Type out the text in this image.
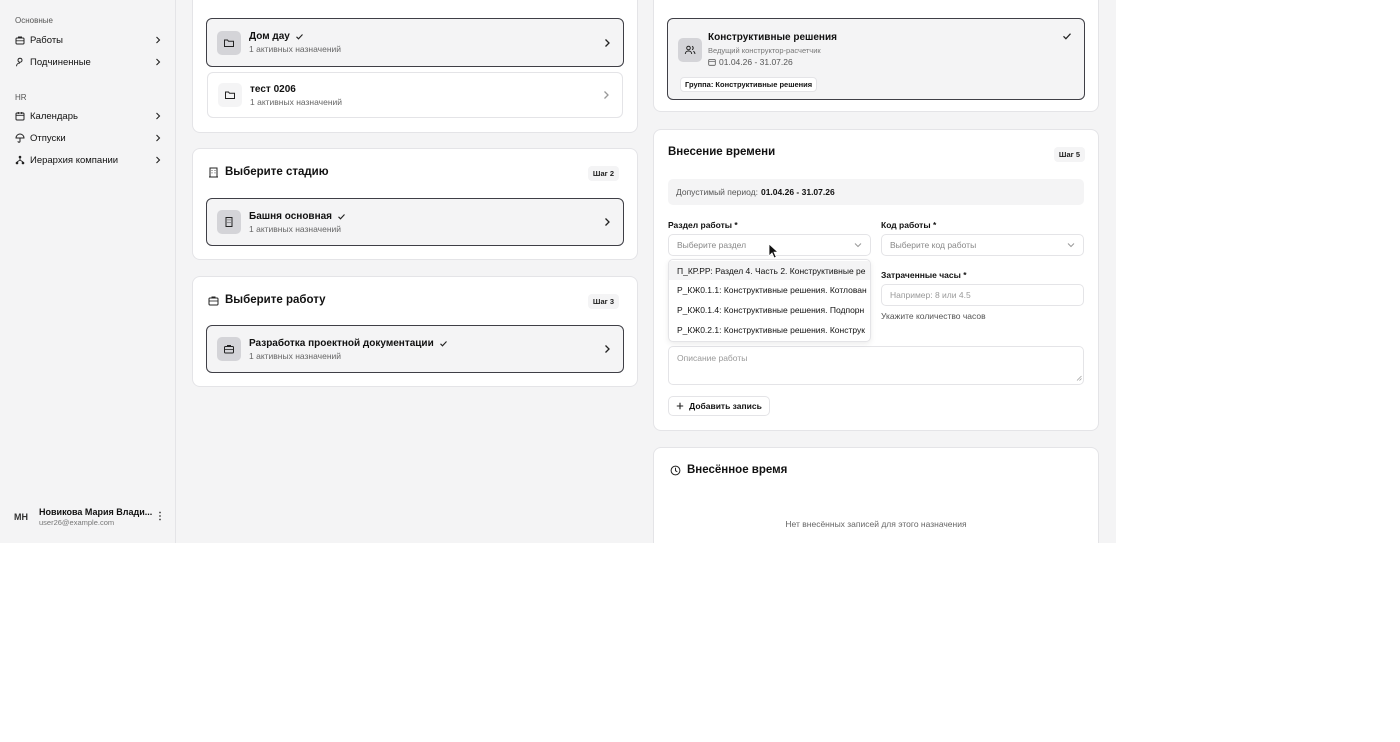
Основные
Работы
Подчиненные
HR
Календарь
Отпуски
Иерархия компании
МН	Новикова Мария Влади...
user26@example.com
Дом дау
1 активных назначений
тест 0206
1 активных назначений
Выберите стадию	Шаг 2
Башня основная
1 активных назначений
Выберите работу	Шаг 3
Разработка проектной документации
1 активных назначений
Конструктивные решения
Ведущий конструктор-расчетчик
01.04.26 - 31.07.26
Группа: Конструктивные решения
Внесение времени	Шаг 5
Допустимый период: 01.04.26 - 31.07.26
Раздел работы *
Выберите раздел
Код работы *
Выберите код работы
Затраченные часы *
Например: 8 или 4.5
Укажите количество часов
Описание работы
Добавить запись
П_КР.РР: Раздел 4. Часть 2. Конструктивные ре
Р_КЖ0.1.1: Конструктивные решения. Котлован
Р_КЖ0.1.4: Конструктивные решения. Подпорн
Р_КЖ0.2.1: Конструктивные решения. Конструк
Внесённое время
Нет внесённых записей для этого назначения
